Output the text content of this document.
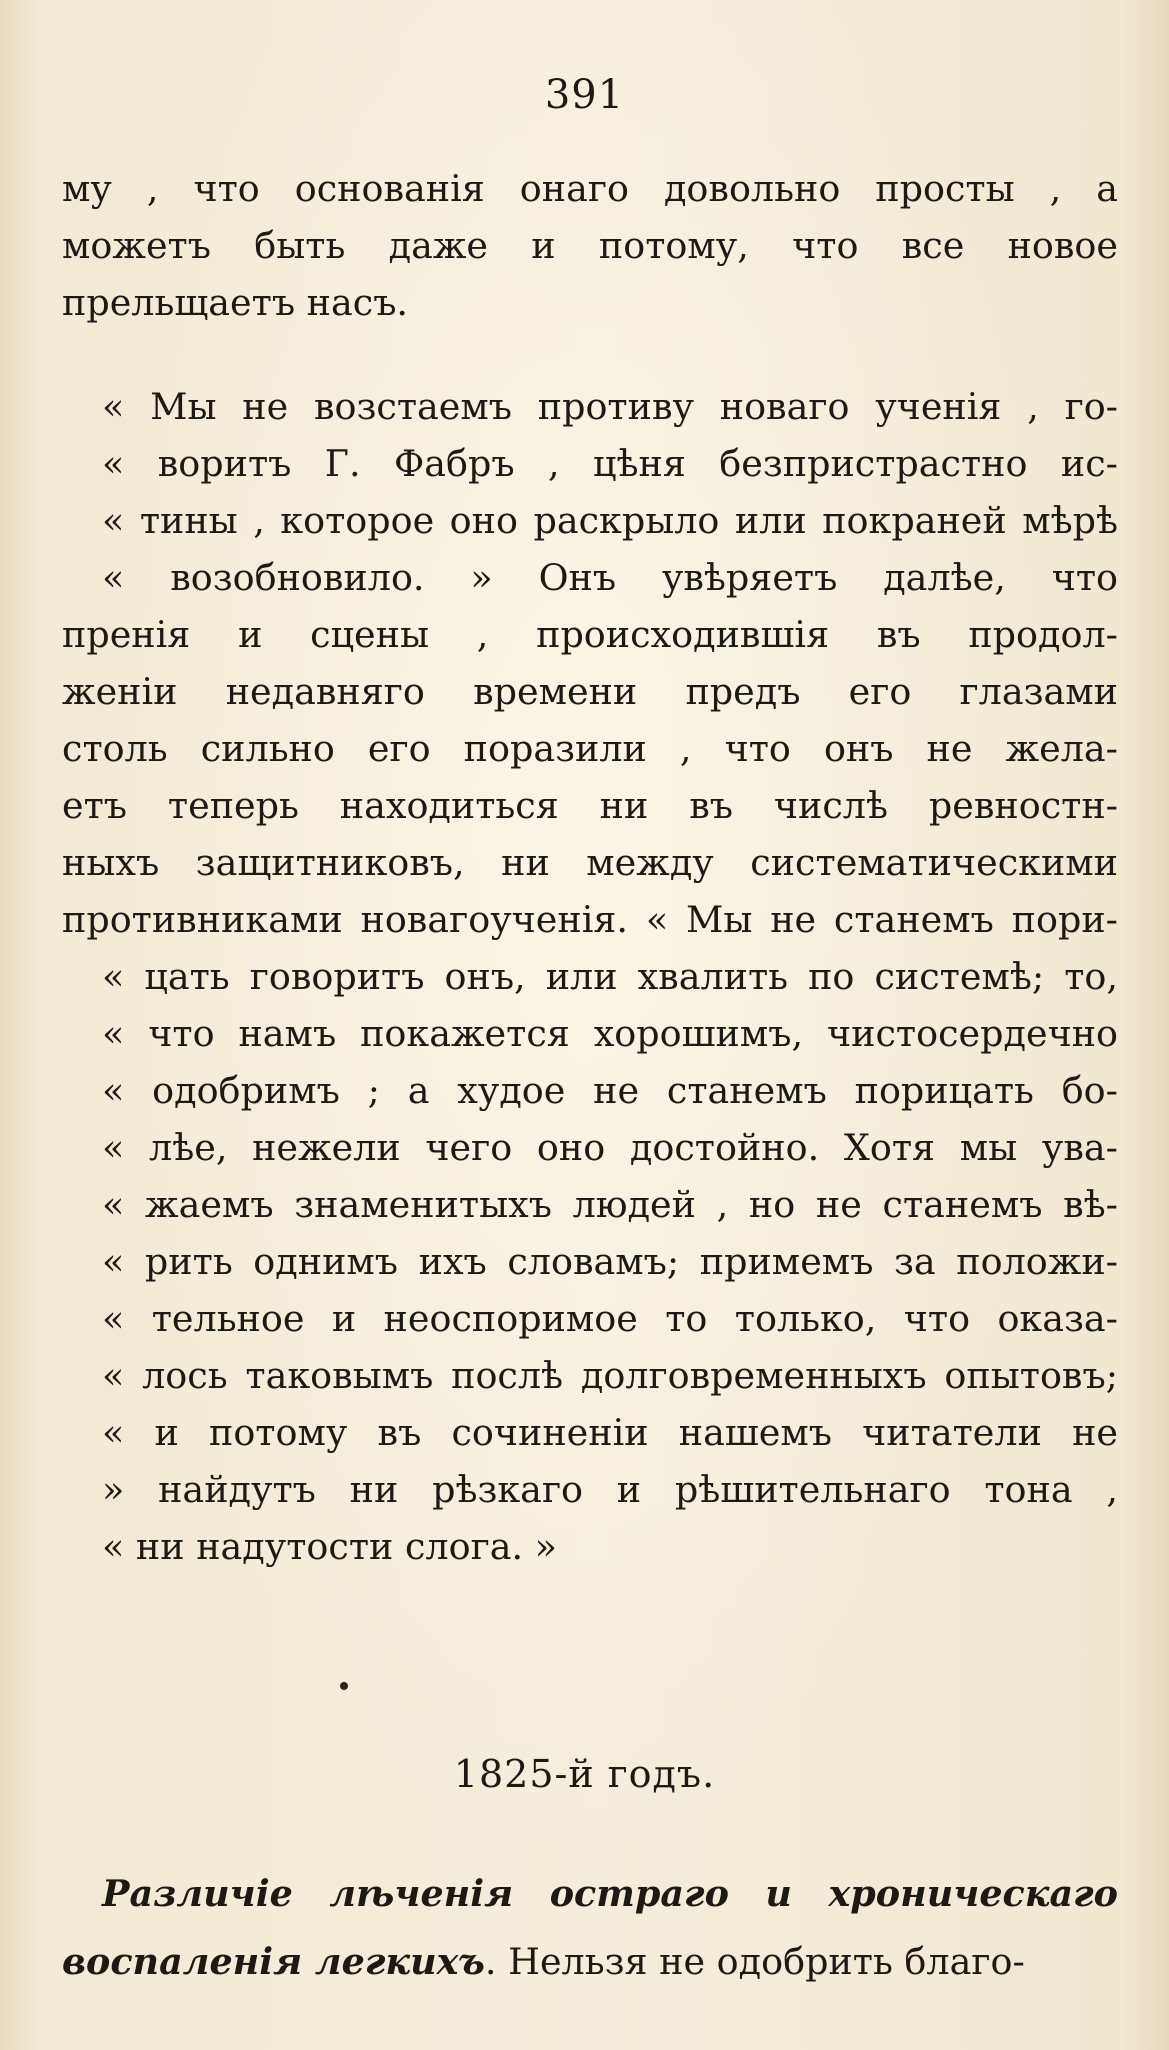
391
му , что основанія онаго довольно просты , а
можетъ быть даже и потому, что все новое
прельщаетъ насъ.
« Мы не возстаемъ противу новаго ученія , го-
« воритъ Г. Фабръ , цѣня безпристрастно ис-
« тины , которое оно раскрыло или покраней мѣрѣ
« возобновило. » Онъ увѣряетъ далѣе, что
пренія и сцены , происходившія въ продол-
женіи недавняго времени предъ его глазами
столь сильно его поразили , что онъ не жела-
етъ теперь находиться ни въ числѣ ревностн-
ныхъ защитниковъ, ни между систематическими
противниками новагоученія. « Мы не станемъ пори-
« цать говоритъ онъ, или хвалить по системѣ; то,
« что намъ покажется хорошимъ, чистосердечно
« одобримъ ; а худое не станемъ порицать бо-
« лѣе, нежели чего оно достойно. Хотя мы ува-
« жаемъ знаменитыхъ людей , но не станемъ вѣ-
« рить однимъ ихъ словамъ; примемъ за положи-
« тельное и неоспоримое то только, что оказа-
« лось таковымъ послѣ долговременныхъ опытовъ;
« и потому въ сочиненіи нашемъ читатели не
» найдутъ ни рѣзкаго и рѣшительнаго тона ,
« ни надутости слога. »
1825-й годъ.
Различіе лѣченія остраго и хроническаго
воспаленія легкихъ. Нельзя не одобрить благо-
